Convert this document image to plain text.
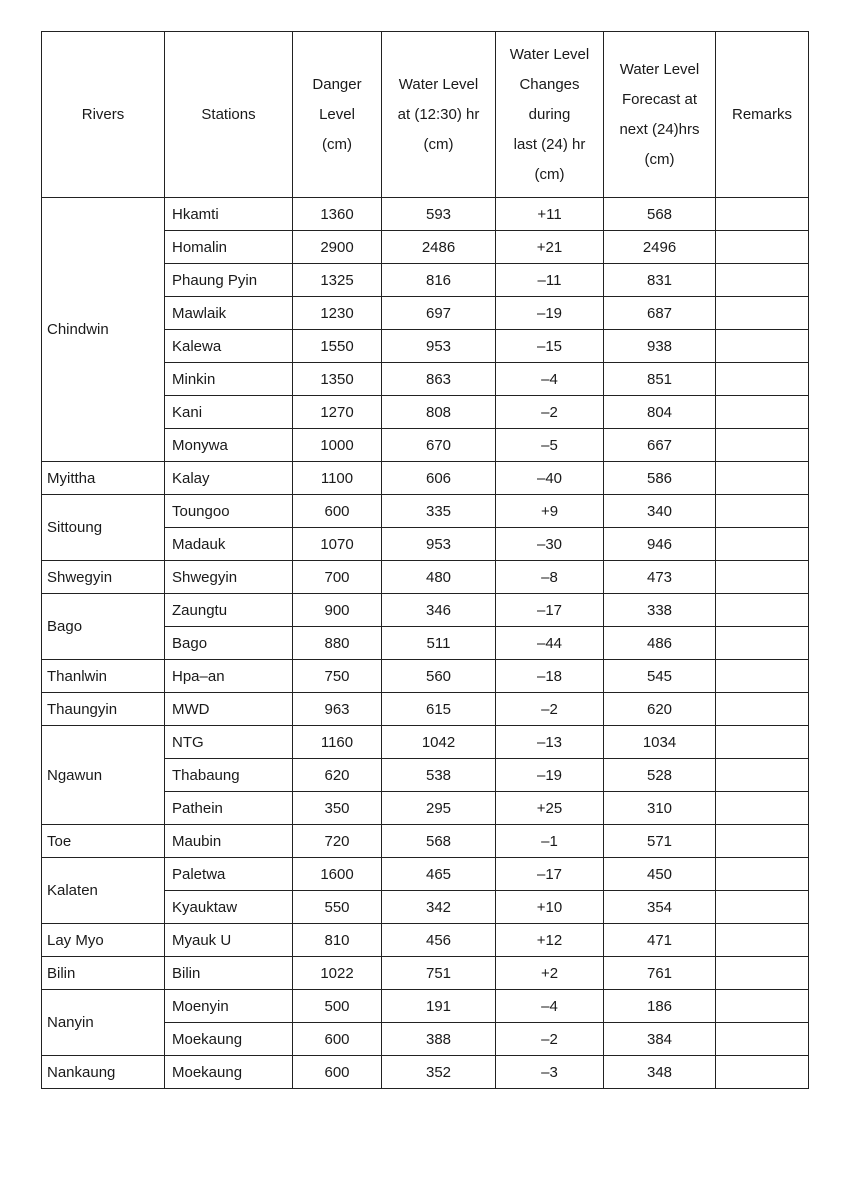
Rivers	Stations	Danger
Level
(cm)	Water Level
at (12:30) hr
(cm)	Water Level
Changes
during
last (24) hr
(cm)	Water Level
Forecast at
next (24)hrs
(cm)	Remarks
Chindwin	Hkamti	1360	593	+11	568	
	Homalin	2900	2486	+21	2496	
	Phaung Pyin	1325	816	–11	831	
	Mawlaik	1230	697	–19	687	
	Kalewa	1550	953	–15	938	
	Minkin	1350	863	–4	851	
	Kani	1270	808	–2	804	
	Monywa	1000	670	–5	667	
Myittha	Kalay	1100	606	–40	586	
Sittoung	Toungoo	600	335	+9	340	
	Madauk	1070	953	–30	946	
Shwegyin	Shwegyin	700	480	–8	473	
Bago	Zaungtu	900	346	–17	338	
	Bago	880	511	–44	486	
Thanlwin	Hpa–an	750	560	–18	545	
Thaungyin	MWD	963	615	–2	620	
Ngawun	NTG	1160	1042	–13	1034	
	Thabaung	620	538	–19	528	
	Pathein	350	295	+25	310	
Toe	Maubin	720	568	–1	571	
Kalaten	Paletwa	1600	465	–17	450	
	Kyauktaw	550	342	+10	354	
Lay Myo	Myauk U	810	456	+12	471	
Bilin	Bilin	1022	751	+2	761	
Nanyin	Moenyin	500	191	–4	186	
	Moekaung	600	388	–2	384	
Nankaung	Moekaung	600	352	–3	348	
